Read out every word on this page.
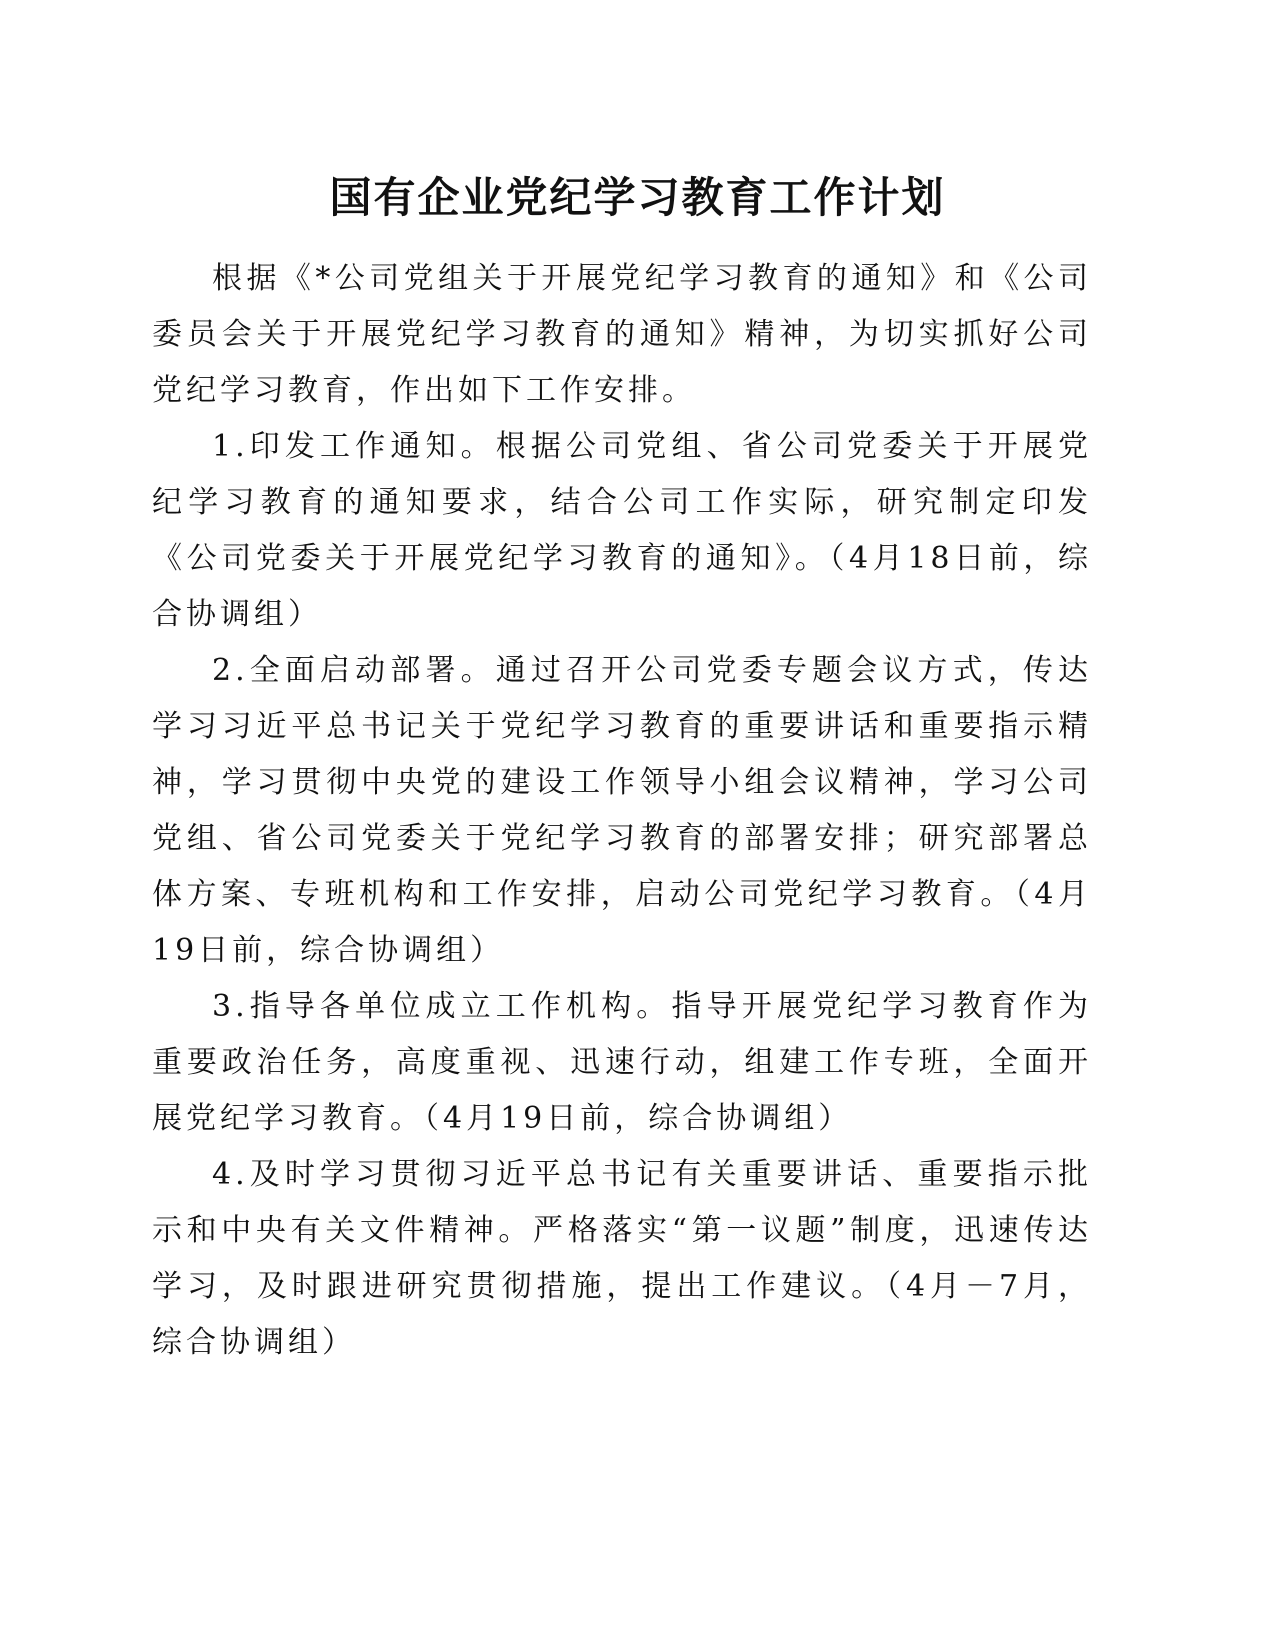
国有企业党纪学习教育工作计划

根据《*公司党组关于开展党纪学习教育的通知》和《公司委员会关于开展党纪学习教育的通知》精神，为切实抓好公司党纪学习教育，作出如下工作安排。

1.印发工作通知。根据公司党组、省公司党委关于开展党纪学习教育的通知要求，结合公司工作实际，研究制定印发《公司党委关于开展党纪学习教育的通知》。（4月18日前，综合协调组）

2.全面启动部署。通过召开公司党委专题会议方式，传达学习习近平总书记关于党纪学习教育的重要讲话和重要指示精神，学习贯彻中央党的建设工作领导小组会议精神，学习公司党组、省公司党委关于党纪学习教育的部署安排；研究部署总体方案、专班机构和工作安排，启动公司党纪学习教育。（4月19日前，综合协调组）

3.指导各单位成立工作机构。指导开展党纪学习教育作为重要政治任务，高度重视、迅速行动，组建工作专班，全面开展党纪学习教育。（4月19日前，综合协调组）

4.及时学习贯彻习近平总书记有关重要讲话、重要指示批示和中央有关文件精神。严格落实“第一议题”制度，迅速传达学习，及时跟进研究贯彻措施，提出工作建议。（4月－7月，综合协调组）
